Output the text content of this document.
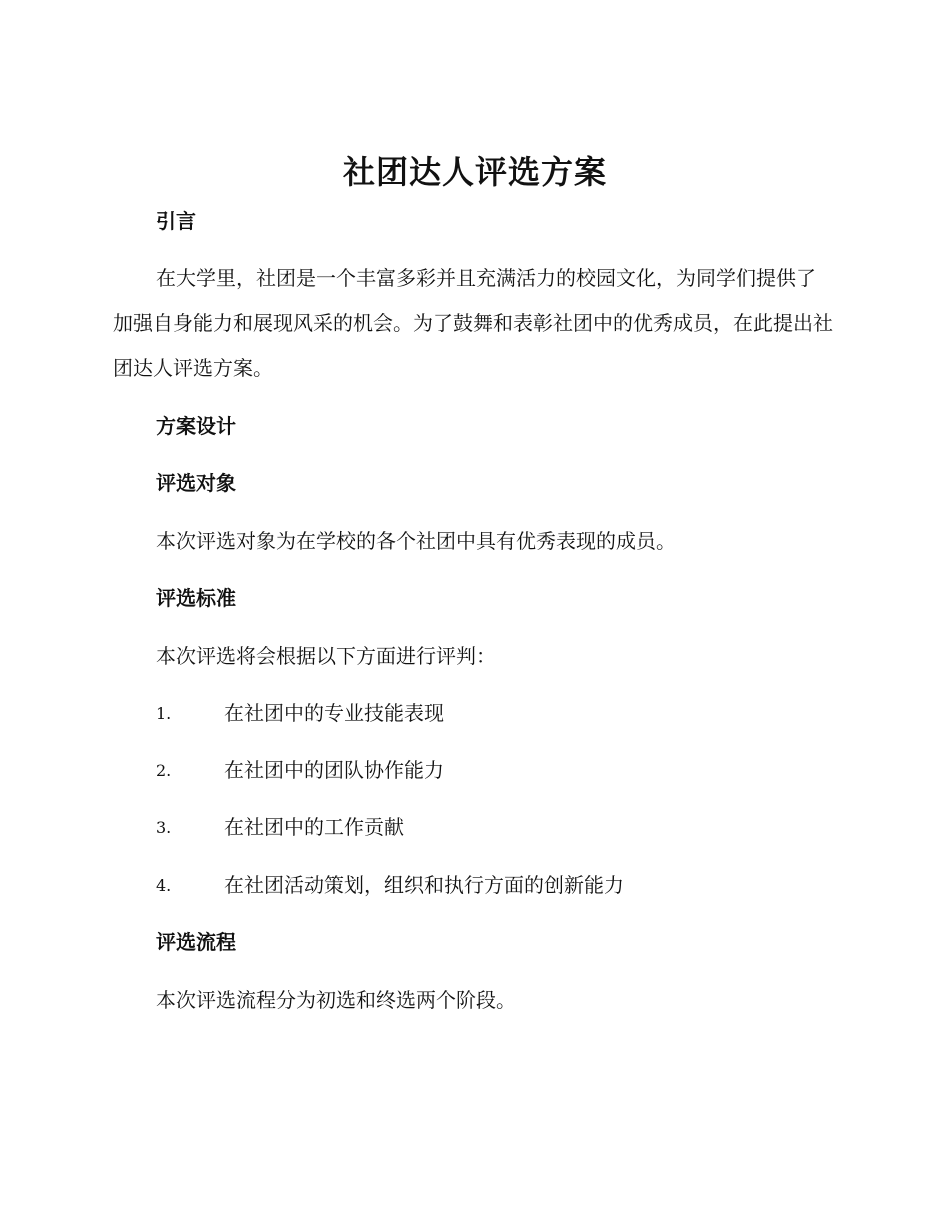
社团达人评选方案
引言
在大学里，社团是一个丰富多彩并且充满活力的校园文化，为同学们提供了加强自身能力和展现风采的机会。为了鼓舞和表彰社团中的优秀成员，在此提出社团达人评选方案。
方案设计
评选对象
本次评选对象为在学校的各个社团中具有优秀表现的成员。
评选标准
本次评选将会根据以下方面进行评判：
1.	在社团中的专业技能表现
2.	在社团中的团队协作能力
3.	在社团中的工作贡献
4.	在社团活动策划，组织和执行方面的创新能力
评选流程
本次评选流程分为初选和终选两个阶段。
